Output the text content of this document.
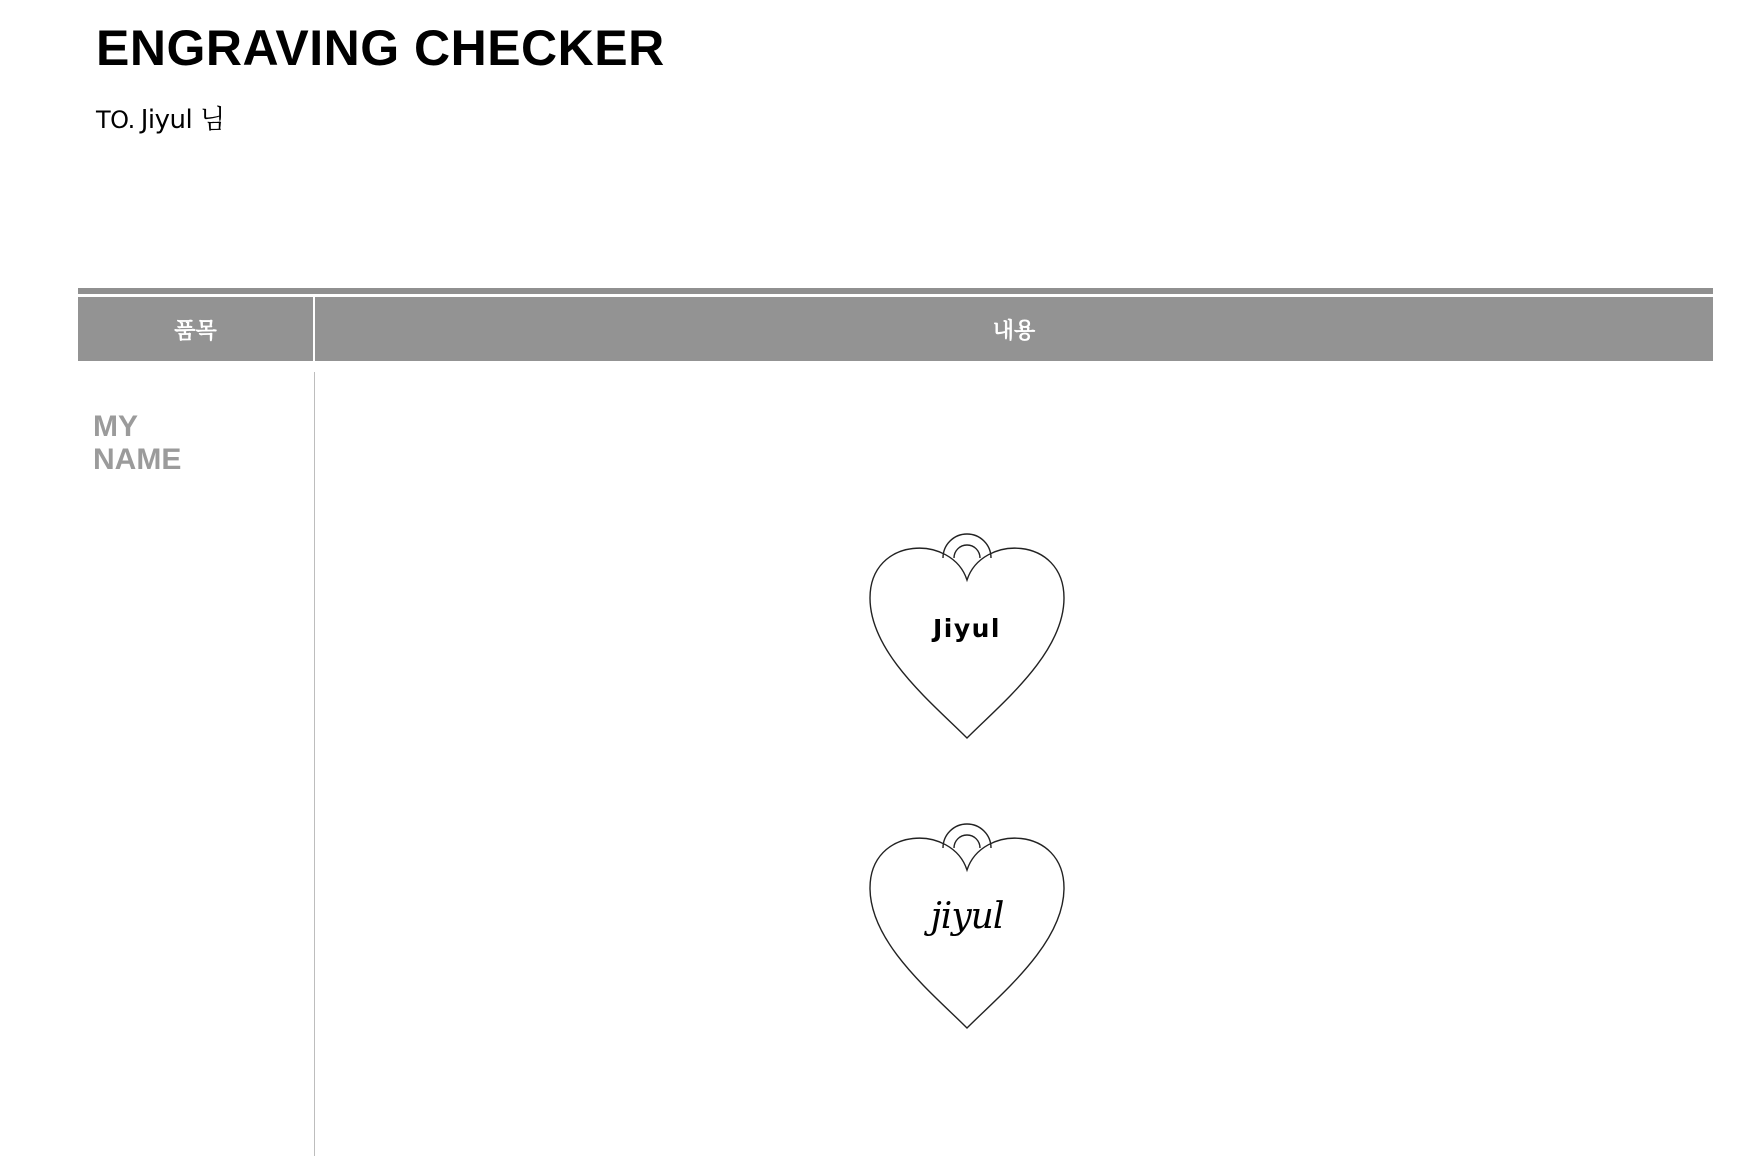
ENGRAVING CHECKER
TO. Jiyul 님
품목	내용
MY
NAME
Jiyul
jiyul
